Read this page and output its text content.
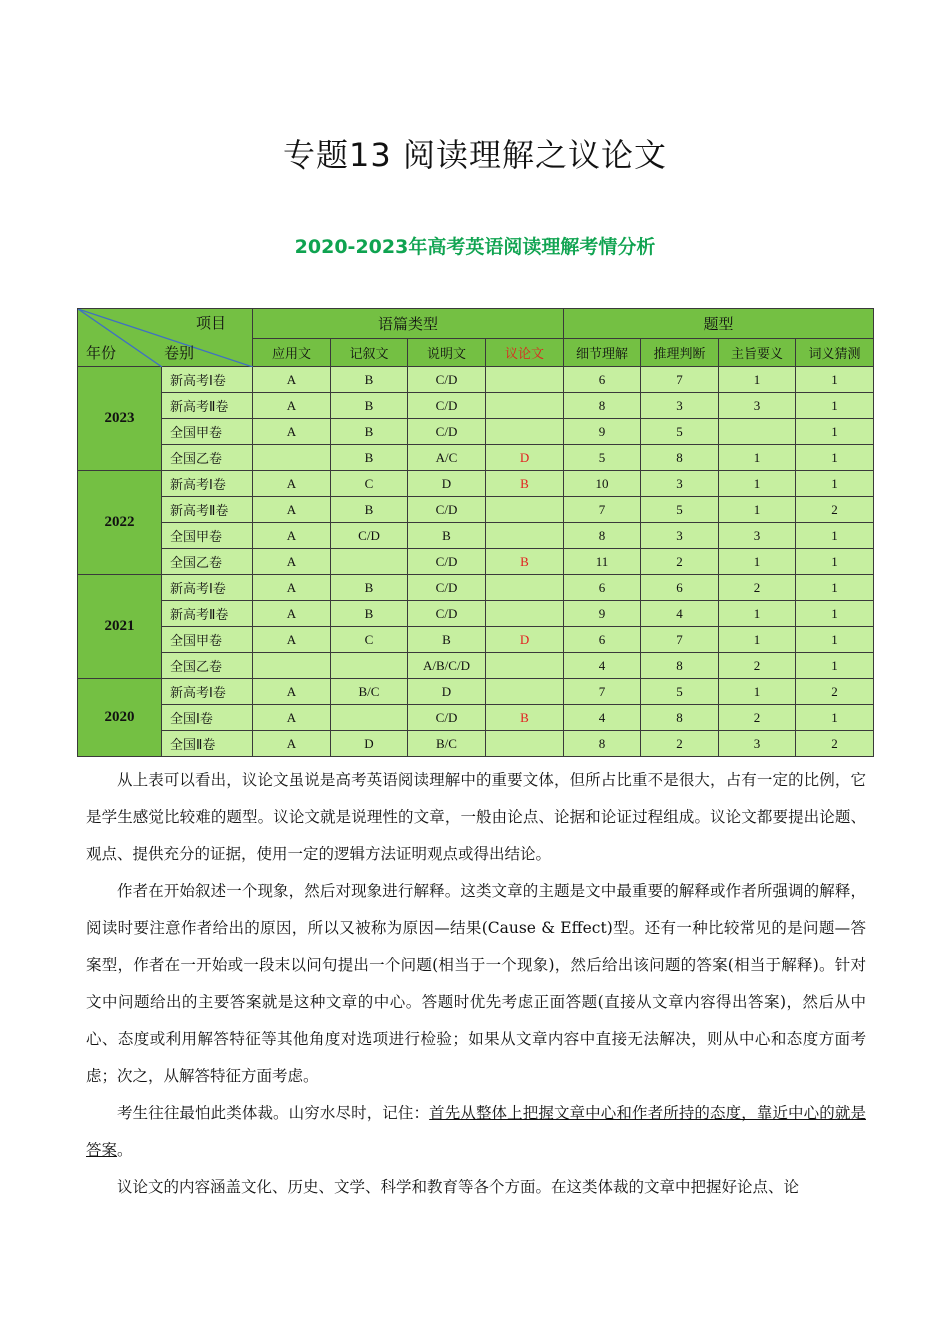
专题13 阅读理解之议论文
2020-2023年高考英语阅读理解考情分析
项目
年份 卷别		语篇类型				题型			
		应用文	记叙文	说明文	议论文	细节理解	推理判断	主旨要义	词义猜测
2023	新高考Ⅰ卷	A	B	C/D		6	7	1	1
	新高考Ⅱ卷	A	B	C/D		8	3	3	1
	全国甲卷	A	B	C/D		9	5		1
	全国乙卷		B	A/C	D	5	8	1	1
2022	新高考Ⅰ卷	A	C	D	B	10	3	1	1
	新高考Ⅱ卷	A	B	C/D		7	5	1	2
	全国甲卷	A	C/D	B		8	3	3	1
	全国乙卷	A		C/D	B	11	2	1	1
2021	新高考Ⅰ卷	A	B	C/D		6	6	2	1
	新高考Ⅱ卷	A	B	C/D		9	4	1	1
	全国甲卷	A	C	B	D	6	7	1	1
	全国乙卷			A/B/C/D		4	8	2	1
2020	新高考Ⅰ卷	A	B/C	D		7	5	1	2
	全国Ⅰ卷	A		C/D	B	4	8	2	1
	全国Ⅱ卷	A	D	B/C		8	2	3	2

从上表可以看出，议论文虽说是高考英语阅读理解中的重要文体，但所占比重不是很大，占有一定的比例，它是学生感觉比较难的题型。议论文就是说理性的文章，一般由论点、论据和论证过程组成。议论文都要提出论题、观点、提供充分的证据，使用一定的逻辑方法证明观点或得出结论。

作者在开始叙述一个现象，然后对现象进行解释。这类文章的主题是文中最重要的解释或作者所强调的解释，阅读时要注意作者给出的原因，所以又被称为原因—结果(Cause & Effect)型。还有一种比较常见的是问题—答案型，作者在一开始或一段末以问句提出一个问题(相当于一个现象)，然后给出该问题的答案(相当于解释)。针对文中问题给出的主要答案就是这种文章的中心。答题时优先考虑正面答题(直接从文章内容得出答案)，然后从中心、态度或利用解答特征等其他角度对选项进行检验；如果从文章内容中直接无法解决，则从中心和态度方面考虑；次之，从解答特征方面考虑。

考生往往最怕此类体裁。山穷水尽时，记住：首先从整体上把握文章中心和作者所持的态度，靠近中心的就是答案。

议论文的内容涵盖文化、历史、文学、科学和教育等各个方面。在这类体裁的文章中把握好论点、论
